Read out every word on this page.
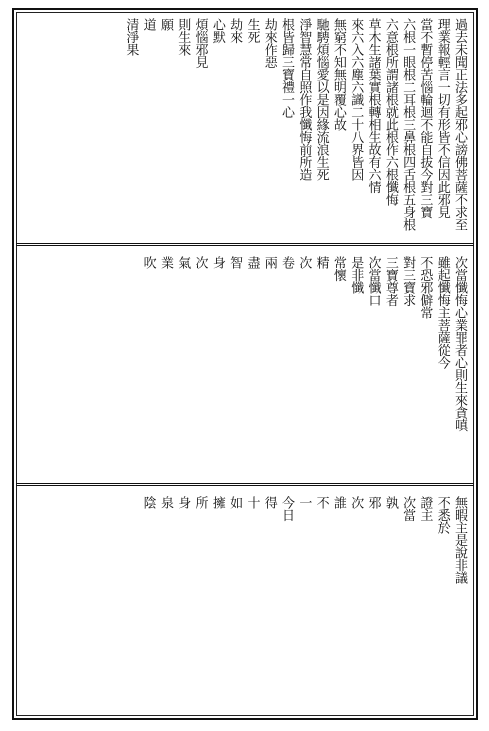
過去未聞正法多起邪心謗佛菩薩不求至
理業報輕言一切有形皆不信因此邪見
當不暫停苦惱輪迴不能自拔今對三寶
六根一眼根二耳根三鼻根四舌根五身根
六意根所謂諸根就此根作六根懺悔
草木生諸葉實根轉相生故有六情
來六入六塵六識二十八界皆因
無窮不知無明覆心故
馳騁煩惱愛以是因緣流浪生死
淨智慧常自照作我懺悔前所造
根皆歸三寶禮一心
劫來作惡
生死
劫來
心默
煩惱邪見
則生來
願
道
清淨果
次當懺悔心業罪者心則生來貪嗔
雖起懺悔主菩薩從今
不恐邪僻常
對三寶求
三寶尊者
次當懺口
是非懺
常懷
精
次
卷
兩
盡
智
身
次
氣
業
吹
無暇主是說非議
不悉於
證主
次當
孰
邪
次
誰
不
一
今日
得
十
如
擁
所
身
泉
陰
